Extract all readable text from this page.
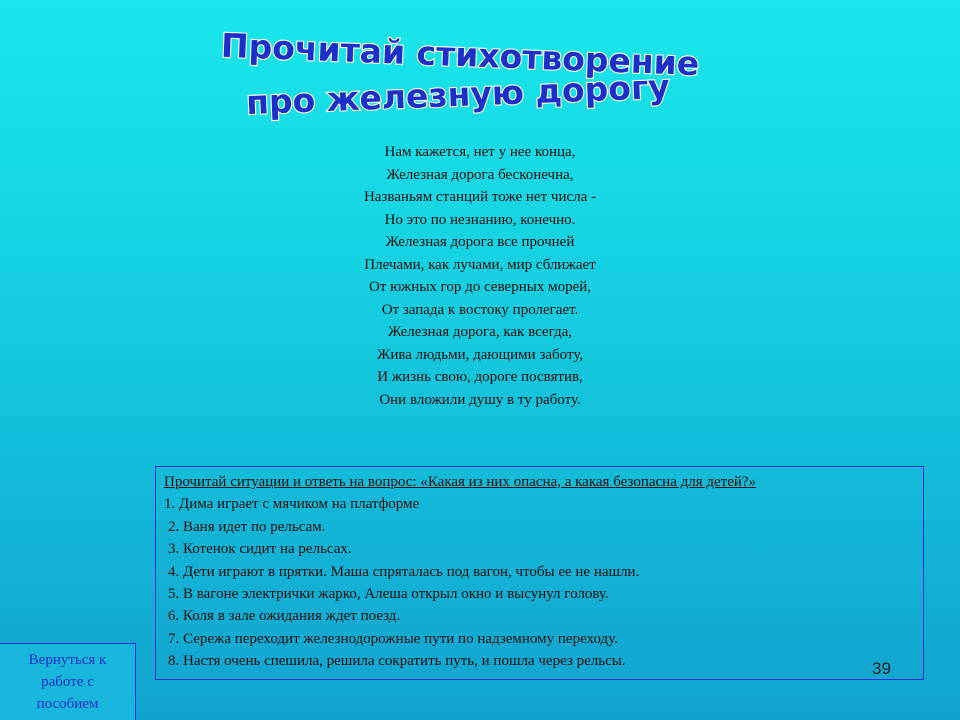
Прочитай стихотворение
про железную дорогу
Нам кажется, нет у нее конца,
Железная дорога бесконечна,
Названьям станций тоже нет числа -
Но это по незнанию, конечно.
Железная дорога все прочней
Плечами, как лучами, мир сближает
От южных гор до северных морей,
От запада к востоку пролегает.
Железная дорога, как всегда,
Жива людьми, дающими заботу,
И жизнь свою, дороге посвятив,
Они вложили душу в ту работу.
Прочитай ситуации и ответь на вопрос: «Какая из них опасна, а какая безопасна для детей?»
1. Дима играет с мячиком на платформе
2. Ваня идет по рельсам.
3. Котенок сидит на рельсах.
4. Дети играют в прятки. Маша спряталась под вагон, чтобы ее не нашли.
5. В вагоне электрички жарко, Алеша открыл окно и высунул голову.
6. Коля в зале ожидания ждет поезд.
7. Сережа переходит железнодорожные пути по надземному переходу.
8. Настя очень спешила, решила сократить путь, и пошла через рельсы.
Вернуться к
работе с
пособием
39
